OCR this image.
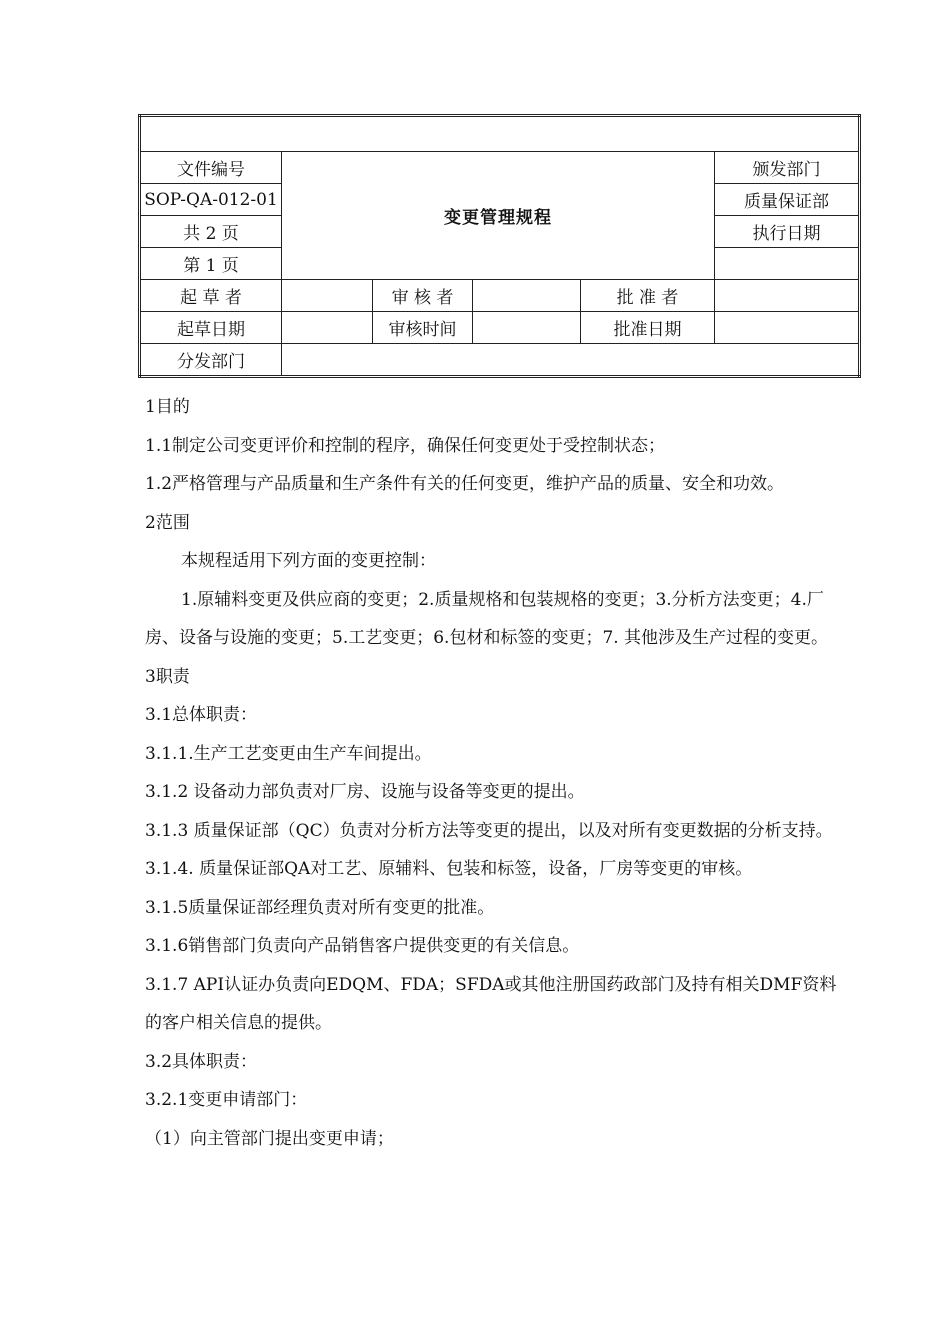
文件编号	变更管理规程				颁发部门
SOP-QA-012-01					质量保证部
共 2 页					执行日期
第 1 页					
起 草 者		审 核 者		批 准 者	
起草日期		审核时间		批准日期	
分发部门					

1目的

1.1制定公司变更评价和控制的程序，确保任何变更处于受控制状态；

1.2严格管理与产品质量和生产条件有关的任何变更，维护产品的质量、安全和功效。

2范围

本规程适用下列方面的变更控制：

1.原辅料变更及供应商的变更；2.质量规格和包装规格的变更；3.分析方法变更；4.厂房、设备与设施的变更；5.工艺变更；6.包材和标签的变更；7. 其他涉及生产过程的变更。

3职责

3.1总体职责：

3.1.1.生产工艺变更由生产车间提出。

3.1.2 设备动力部负责对厂房、设施与设备等变更的提出。

3.1.3 质量保证部（QC）负责对分析方法等变更的提出，以及对所有变更数据的分析支持。

3.1.4. 质量保证部QA对工艺、原辅料、包装和标签，设备，厂房等变更的审核。

3.1.5质量保证部经理负责对所有变更的批准。

3.1.6销售部门负责向产品销售客户提供变更的有关信息。

3.1.7 API认证办负责向EDQM、FDA；SFDA或其他注册国药政部门及持有相关DMF资料的客户相关信息的提供。

3.2具体职责：

3.2.1变更申请部门：

（1）向主管部门提出变更申请；
